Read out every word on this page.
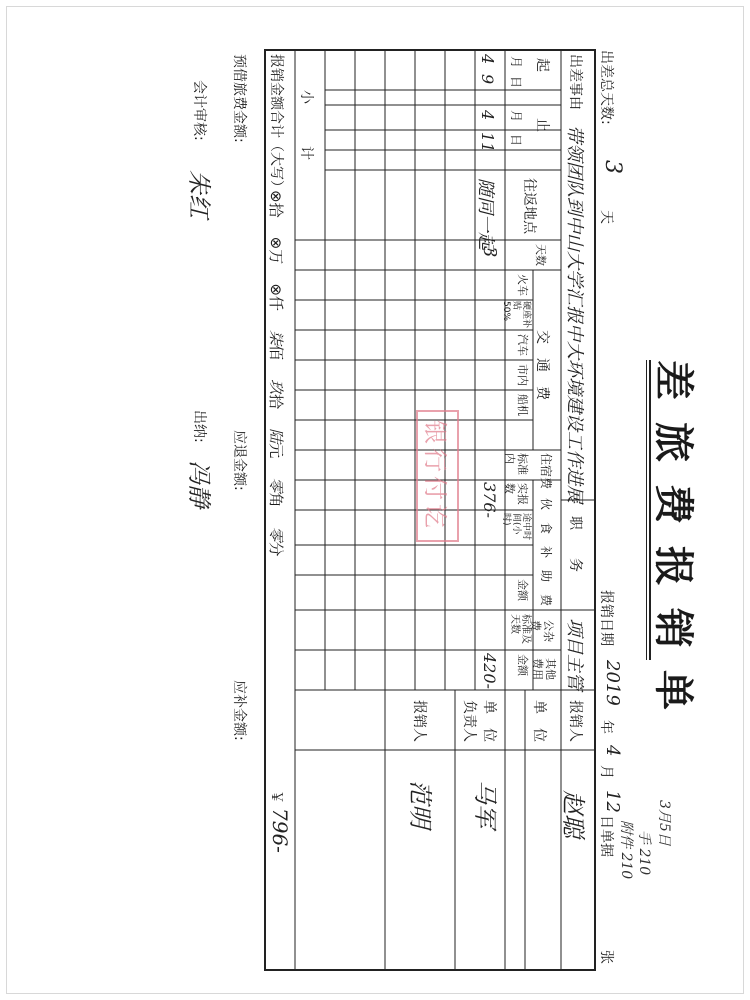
差旅费报销单
出差总天数:
3
天
报销日期
2019
年
4
月
12
日单据
张
3月5日
手 210
附件 210
出差事由
带领团队到中山大学汇报中大环境建设工作进展
职　　务
项目主管
报销人
赵聪
起
止
月
日
月
日
往返地点
天数
交　通　费
火车
硬座补贴50%
汽车
市内
船机
住宿费
标准内
实报数
途中时间(小时)	伙　食　补　助　费
金额
标准及天数
金额
公杂费
其他费用
单　位
单　位负责人
4
9
4
11
随同一起
3
376-
420-
小　　　计
报销金额合计（大写）
⊗拾    ⊗万    ⊗仟    柒佰    玖拾    陆元    零角    零分
￥
796-
报销人
范明 马军
银行付讫
预借旅费金额:
应退金额:
应补金额:
会计审核:
朱红
出纳:
冯静
